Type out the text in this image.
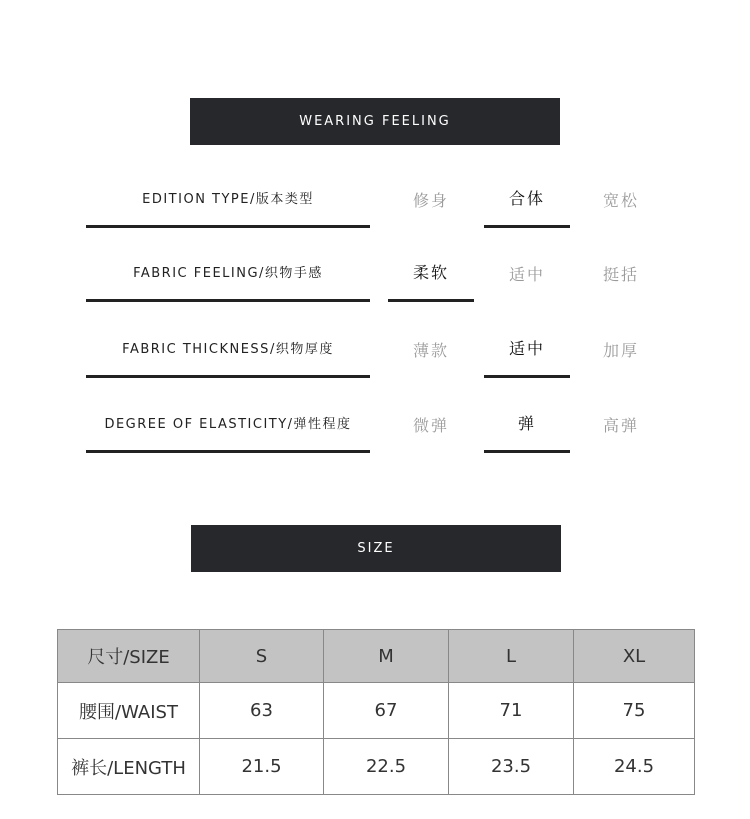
WEARING FEELING
EDITION TYPE/版本类型	修身	合体	宽松
FABRIC FEELING/织物手感	柔软	适中	挺括
FABRIC THICKNESS/织物厚度	薄款	适中	加厚
DEGREE OF ELASTICITY/弹性程度	微弹	弹	高弹
SIZE
尺寸/SIZE	S	M	L	XL
腰围/WAIST	63	67	71	75
裤长/LENGTH	21.5	22.5	23.5	24.5
